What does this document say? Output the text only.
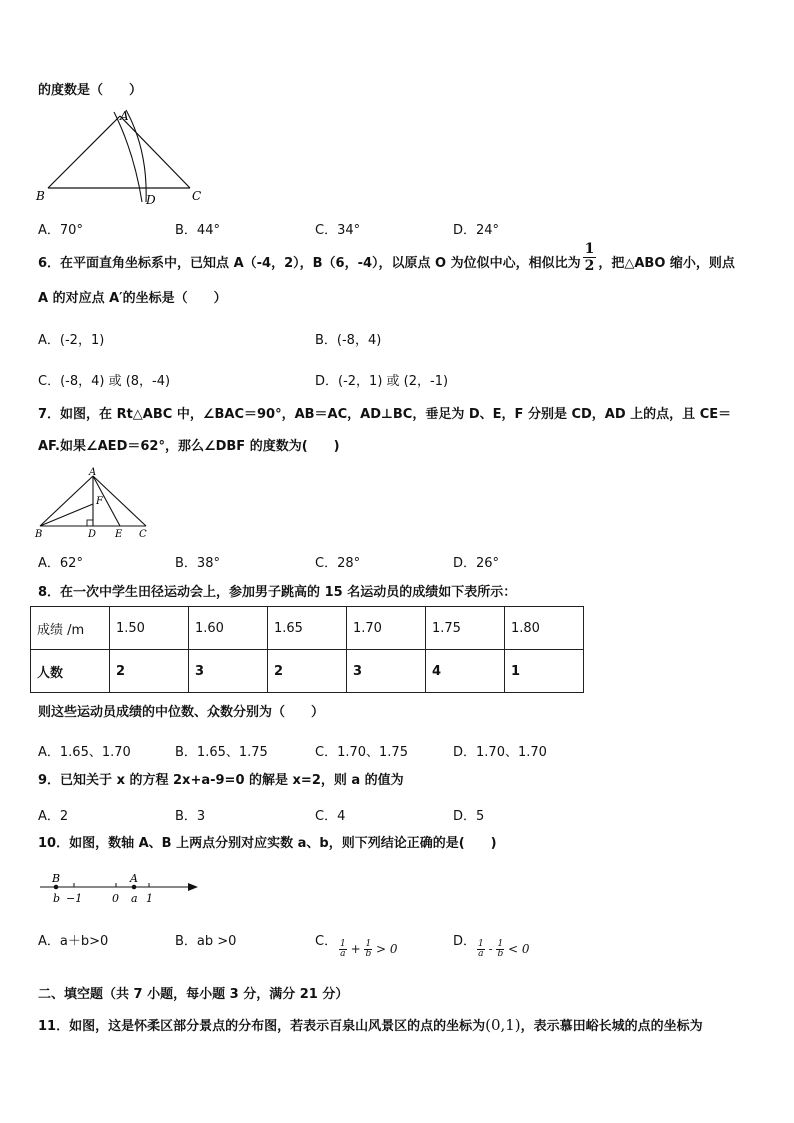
的度数是（　　）
A
B	C
D
A．70°	B．44°	C．34°	D．24°
6．在平面直角坐标系中，已知点 A（-4，2），B（6，-4），以原点 O 为位似中心，相似比为 $\frac{1}{2}$ ，把△ABO 缩小，则点
A 的对应点 A′的坐标是（　　）
A．(-2，1)	B．(-8，4)
C．(-8，4) 或 (8，-4)	D．(-2，1) 或 (2，-1)
7．如图，在 Rt△ABC 中，∠BAC＝90°，AB＝AC，AD⊥BC，垂足为 D、E，F 分别是 CD，AD 上的点，且 CE＝
AF.如果∠AED＝62°，那么∠DBF 的度数为(　　)
A
B	D E C
F
A．62°	B．38°	C．28°	D．26°
8．在一次中学生田径运动会上，参加男子跳高的 15 名运动员的成绩如下表所示：
成绩 /m	1.50	1.60	1.65	1.70	1.75	1.80
人数	2	3	2	3	4	1
则这些运动员成绩的中位数、众数分别为（　　）
A．1.65、1.70	B．1.65、1.75	C．1.70、1.75	D．1.70、1.70
9．已知关于 x 的方程 2x+a-9=0 的解是 x=2，则 a 的值为
A．2	B．3	C．4	D．5
10．如图，数轴 A、B 上两点分别对应实数 a、b，则下列结论正确的是(　　)
B	A
b −1	0 a 1
A．a＋b>0	B．ab >0	C． $\frac{1}{a} + \frac{1}{b} > 0$	D． $\frac{1}{a} - \frac{1}{b} < 0$
二、填空题（共 7 小题，每小题 3 分，满分 21 分）
11．如图，这是怀柔区部分景点的分布图，若表示百泉山风景区的点的坐标为(0,1)，表示慕田峪长城的点的坐标为
